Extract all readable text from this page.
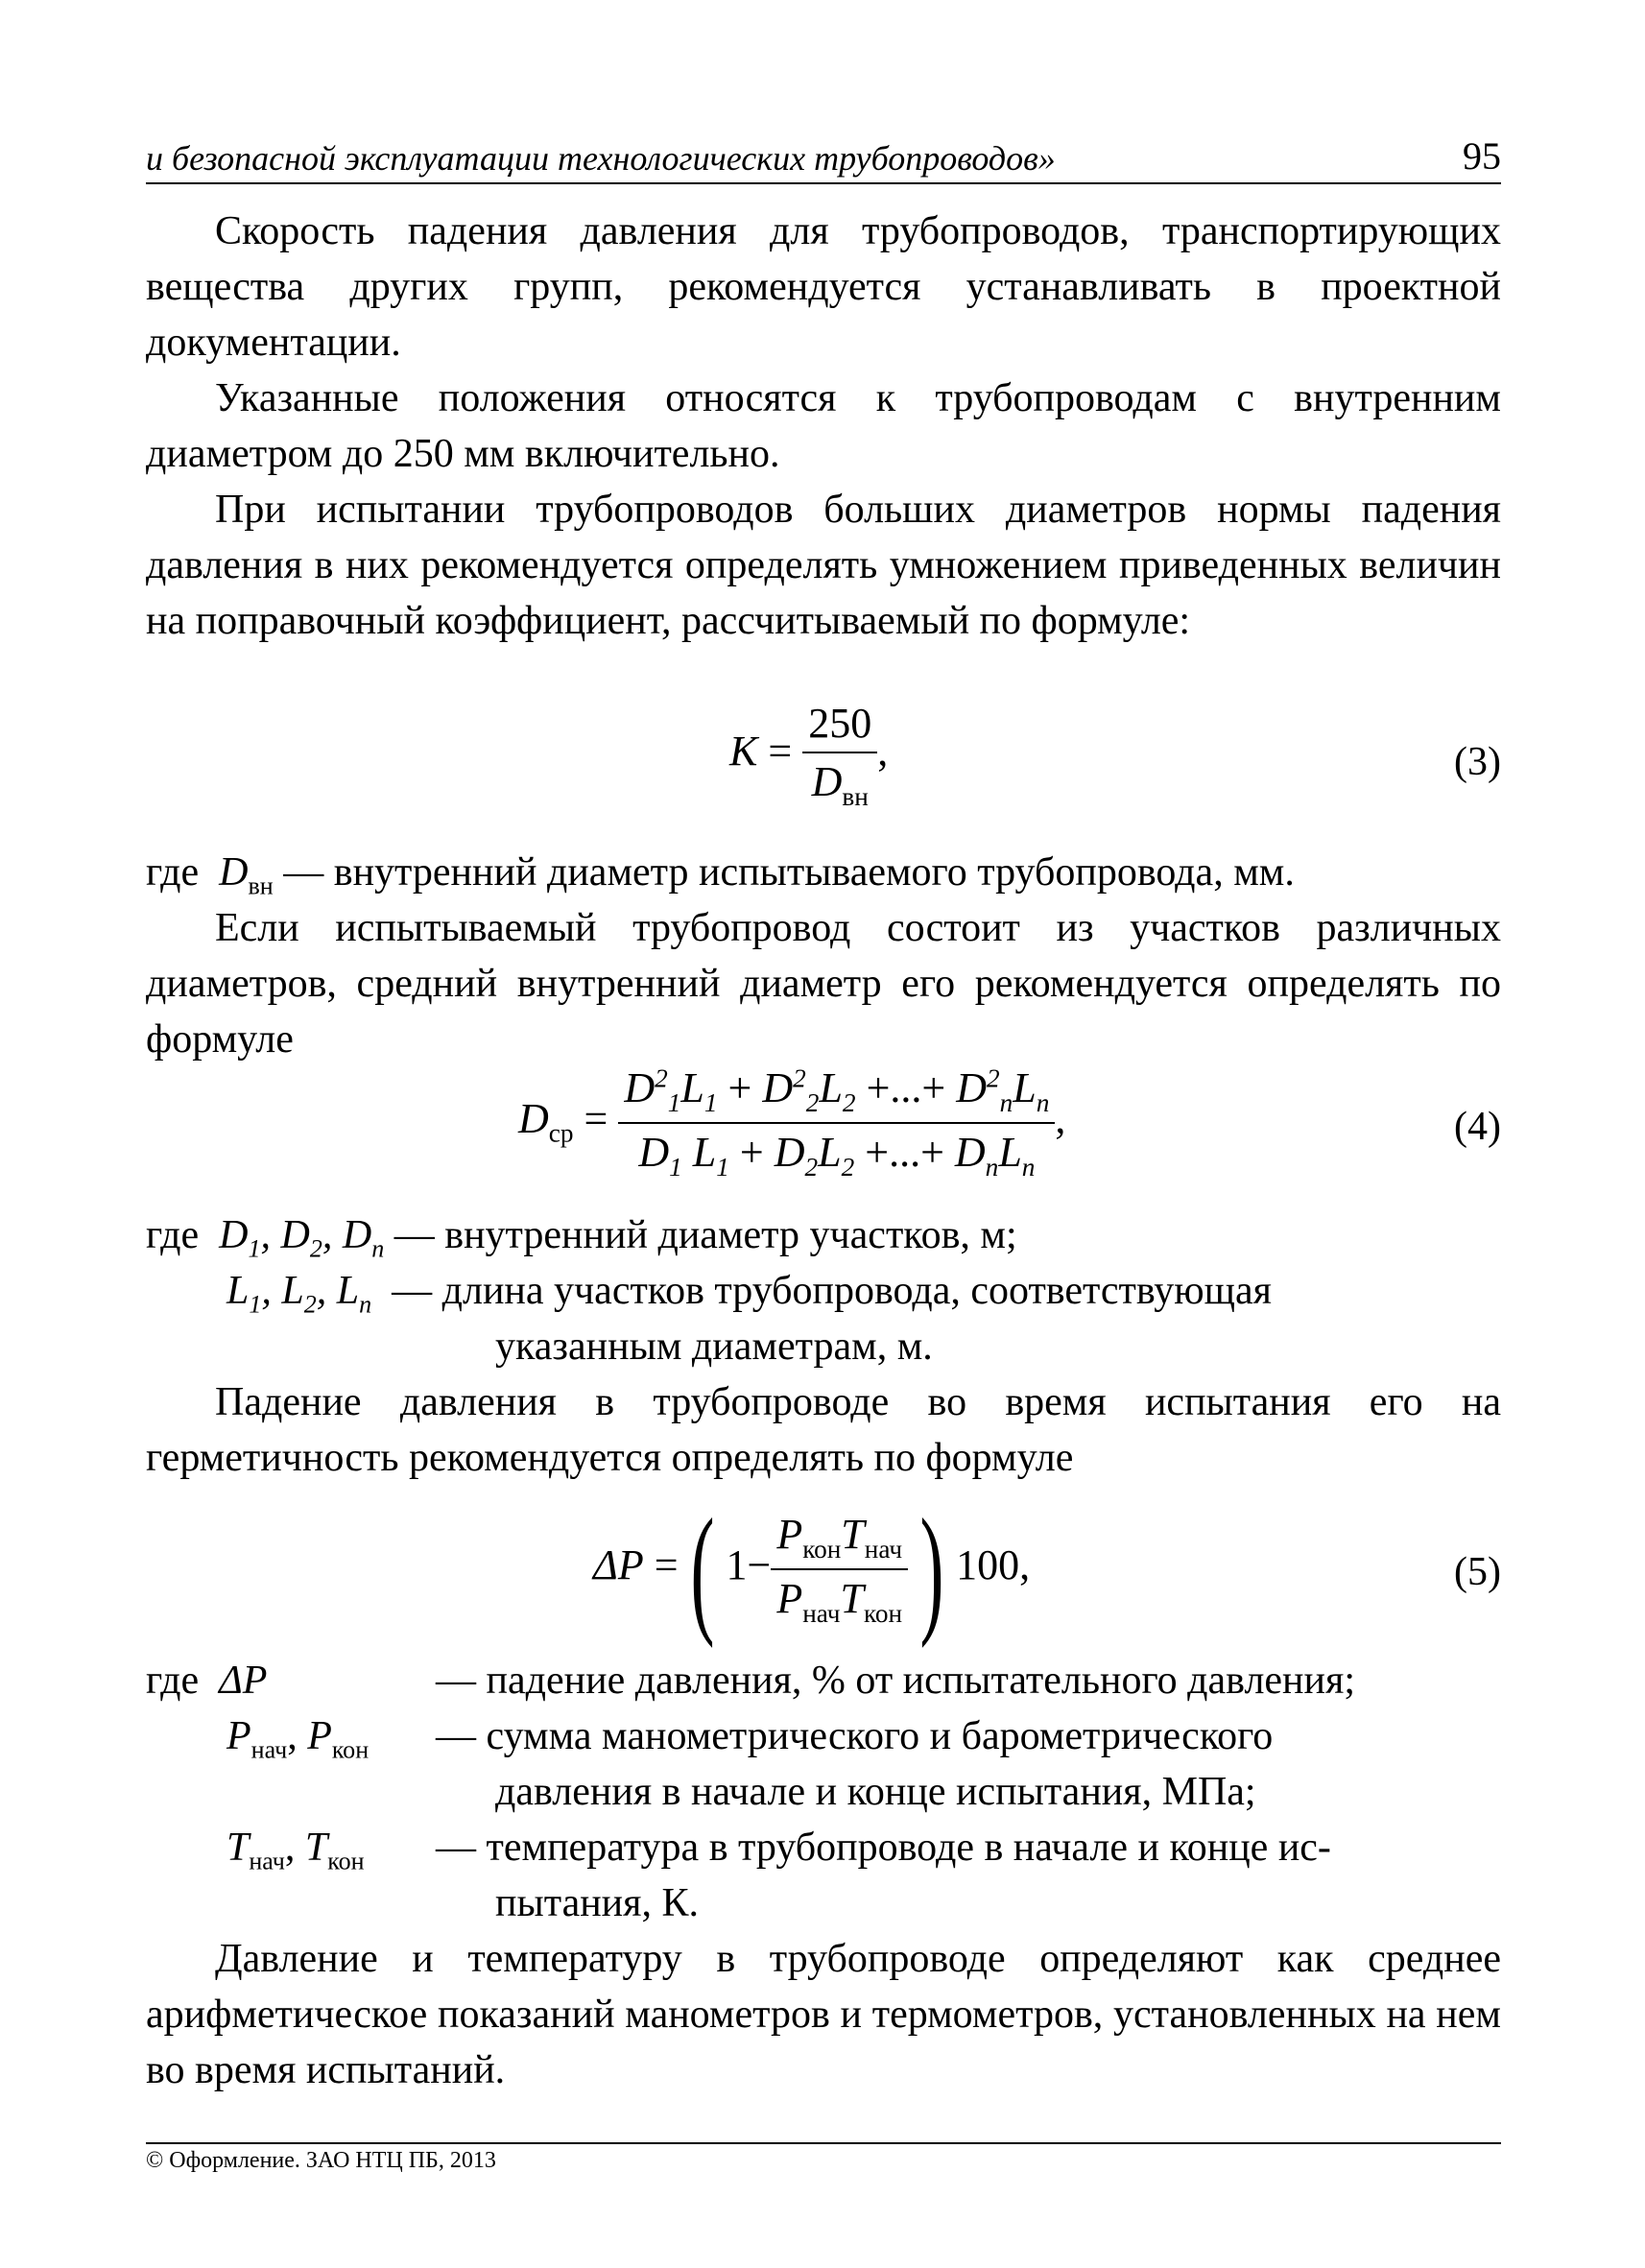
и безопасной эксплуатации технологических трубопроводов»	95

Скорость падения давления для трубопроводов, транспортирующих вещества других групп, рекомендуется устанавливать в проектной документации.

Указанные положения относятся к трубопроводам с внутренним диаметром до 250 мм включительно.

При испытании трубопроводов больших диаметров нормы падения давления в них рекомендуется определять умножением приведенных величин на поправочный коэффициент, рассчитываемый по формуле:

$K = \frac{250}{D_{вн}}$ ,	(3)
где $D_{вн}$ — внутренний диаметр испытываемого трубопровода, мм.

Если испытываемый трубопровод состоит из участков различных диаметров, средний внутренний диаметр его рекомендуется определять по формуле

$D_{ср} = \frac{D^2_1L_1 + D^2_2L_2 +...+ D^2_nL_n}{D_1 L_1 + D_2L_2 +...+ D_nL_n}$ ,	(4)
где $D_1$, $D_2$, $D_n$ — внутренний диаметр участков, м;
$L_1$, $L_2$, $L_n$ — длина участков трубопровода, соответствующая
указанным диаметрам, м.

Падение давления в трубопроводе во время испытания его на герметичность рекомендуется определять по формуле

ΔP =( $1- \frac{P_{кон}T_{нач}}{P_{нач}T_{кон}}$ ) 100,	(5)
где ΔP	— падение давления, % от испытательного давления;
$P_{нач}$, $P_{кон}$ — сумма манометрического и барометрического
давления в начале и конце испытания, МПа;
$T_{нач}$, $T_{кон}$ — температура в трубопроводе в начале и конце ис-
пытания, К.

Давление и температуру в трубопроводе определяют как среднее арифметическое показаний манометров и термометров, установленных на нем во время испытаний.

© Оформление. ЗАО НТЦ ПБ, 2013
